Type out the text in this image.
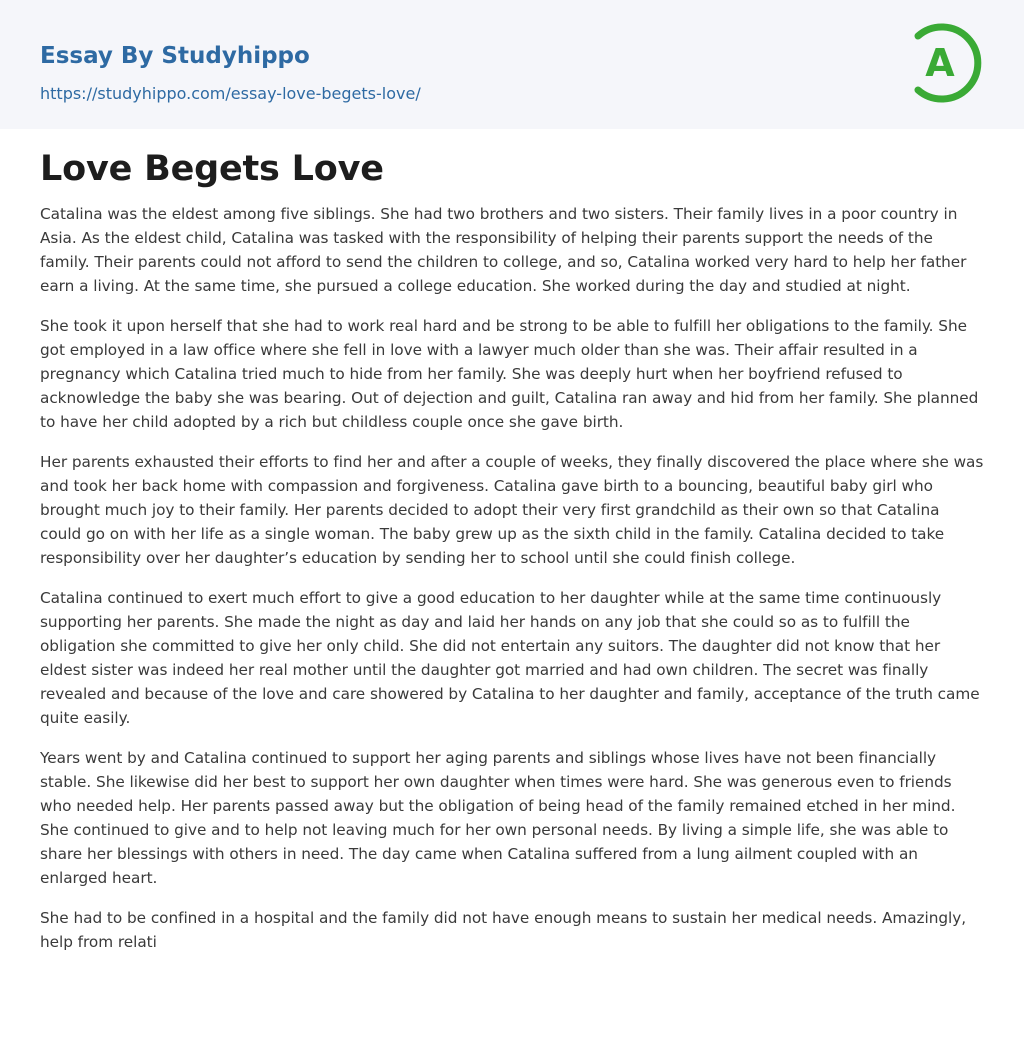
Essay By Studyhippo
https://studyhippo.com/essay-love-begets-love/
A
Love Begets Love

Catalina was the eldest among five siblings. She had two brothers and two sisters. Their family lives in a poor country in Asia. As the eldest child, Catalina was tasked with the responsibility of helping their parents support the needs of the family. Their parents could not afford to send the children to college, and so, Catalina worked very hard to help her father earn a living. At the same time, she pursued a college education. She worked during the day and studied at night.

She took it upon herself that she had to work real hard and be strong to be able to fulfill her obligations to the family. She got employed in a law office where she fell in love with a lawyer much older than she was. Their affair resulted in a pregnancy which Catalina tried much to hide from her family. She was deeply hurt when her boyfriend refused to acknowledge the baby she was bearing. Out of dejection and guilt, Catalina ran away and hid from her family. She planned to have her child adopted by a rich but childless couple once she gave birth.

Her parents exhausted their efforts to find her and after a couple of weeks, they finally discovered the place where she was and took her back home with compassion and forgiveness. Catalina gave birth to a bouncing, beautiful baby girl who brought much joy to their family. Her parents decided to adopt their very first grandchild as their own so that Catalina could go on with her life as a single woman. The baby grew up as the sixth child in the family. Catalina decided to take responsibility over her daughter’s education by sending her to school until she could finish college.

Catalina continued to exert much effort to give a good education to her daughter while at the same time continuously supporting her parents. She made the night as day and laid her hands on any job that she could so as to fulfill the obligation she committed to give her only child. She did not entertain any suitors. The daughter did not know that her eldest sister was indeed her real mother until the daughter got married and had own children. The secret was finally revealed and because of the love and care showered by Catalina to her daughter and family, acceptance of the truth came quite easily.

Years went by and Catalina continued to support her aging parents and siblings whose lives have not been financially stable. She likewise did her best to support her own daughter when times were hard. She was generous even to friends who needed help. Her parents passed away but the obligation of being head of the family remained etched in her mind. She continued to give and to help not leaving much for her own personal needs. By living a simple life, she was able to share her blessings with others in need. The day came when Catalina suffered from a lung ailment coupled with an enlarged heart.

She had to be confined in a hospital and the family did not have enough means to sustain her medical needs. Amazingly, help from relati
